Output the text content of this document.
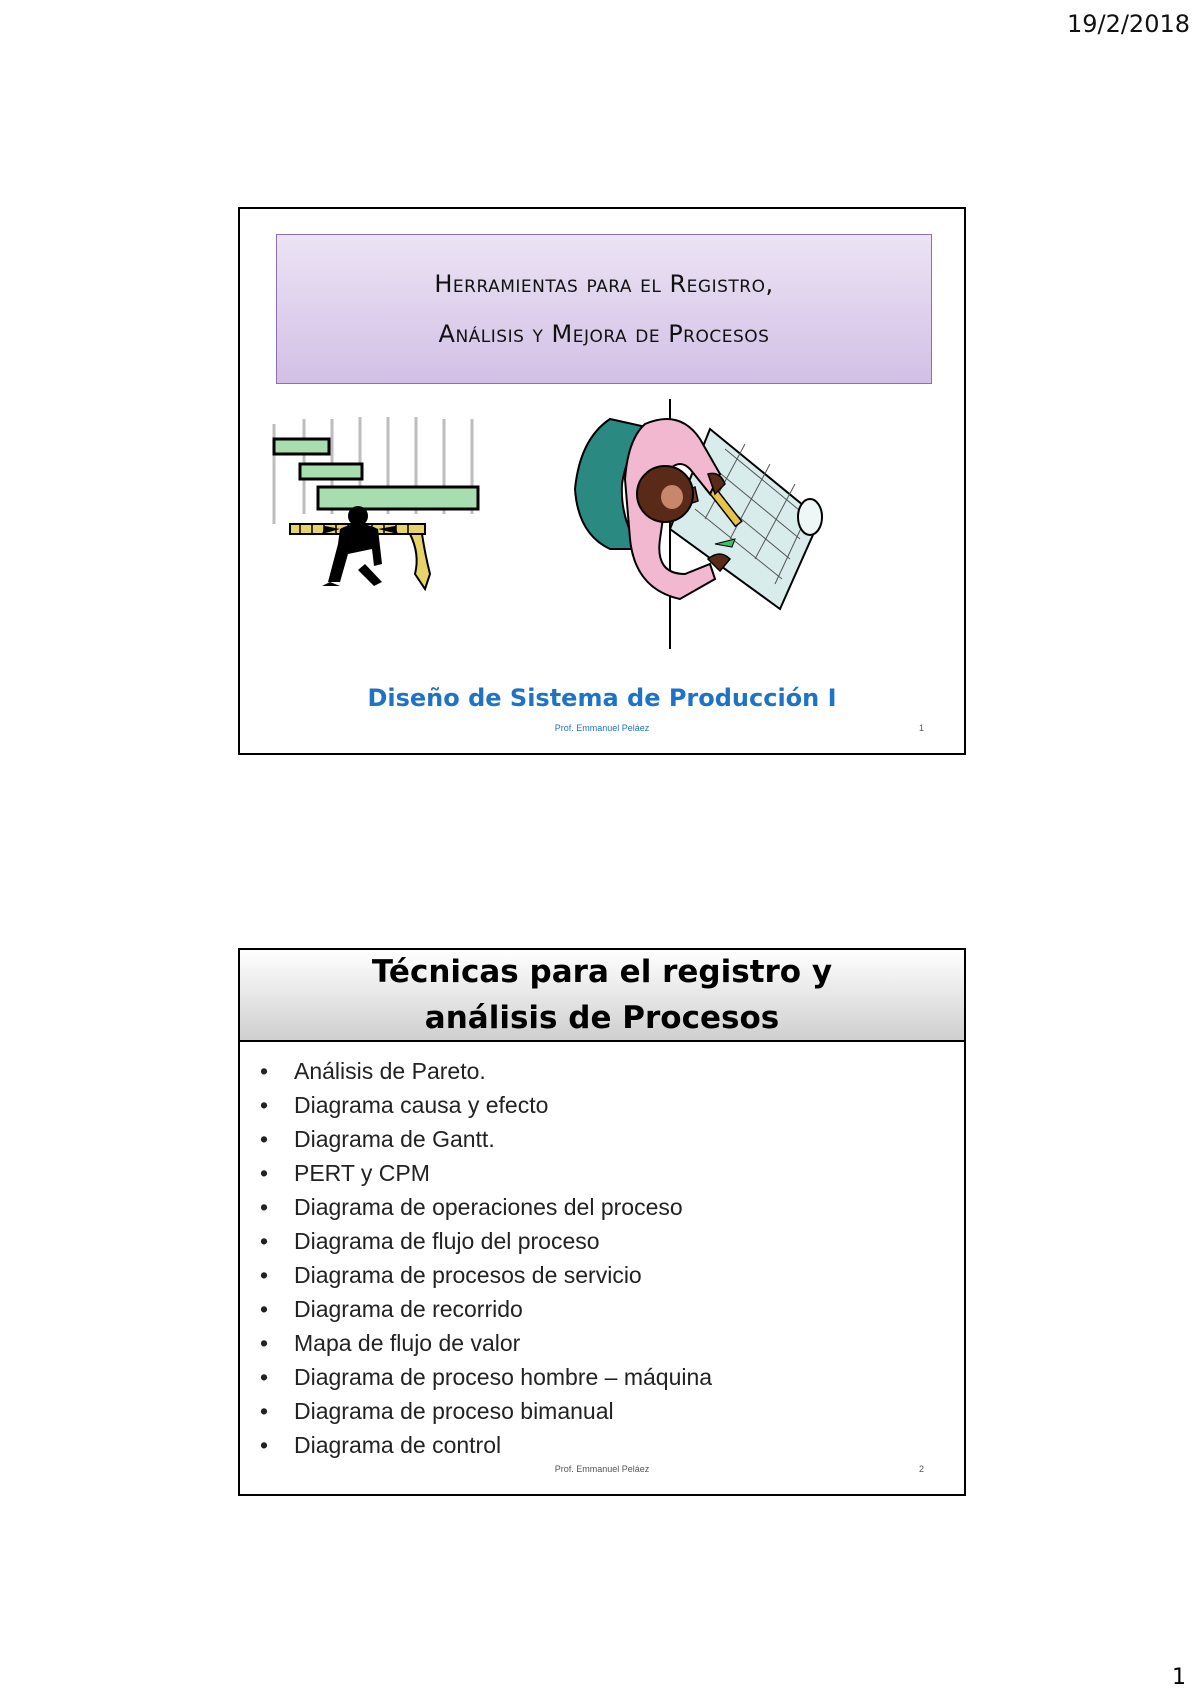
19/2/2018
Herramientas para el Registro,
Análisis y Mejora de Procesos
Diseño de Sistema de Producción I
Prof. Emmanuel Peláez	1
Técnicas para el registro y
análisis de Procesos
• Análisis de Pareto.
• Diagrama causa y efecto
• Diagrama de Gantt.
• PERT y CPM
• Diagrama de operaciones del proceso
• Diagrama de flujo del proceso
• Diagrama de procesos de servicio
• Diagrama de recorrido
• Mapa de flujo de valor
• Diagrama de proceso hombre – máquina
• Diagrama de proceso bimanual
• Diagrama de control
Prof. Emmanuel Peláez	2
1
